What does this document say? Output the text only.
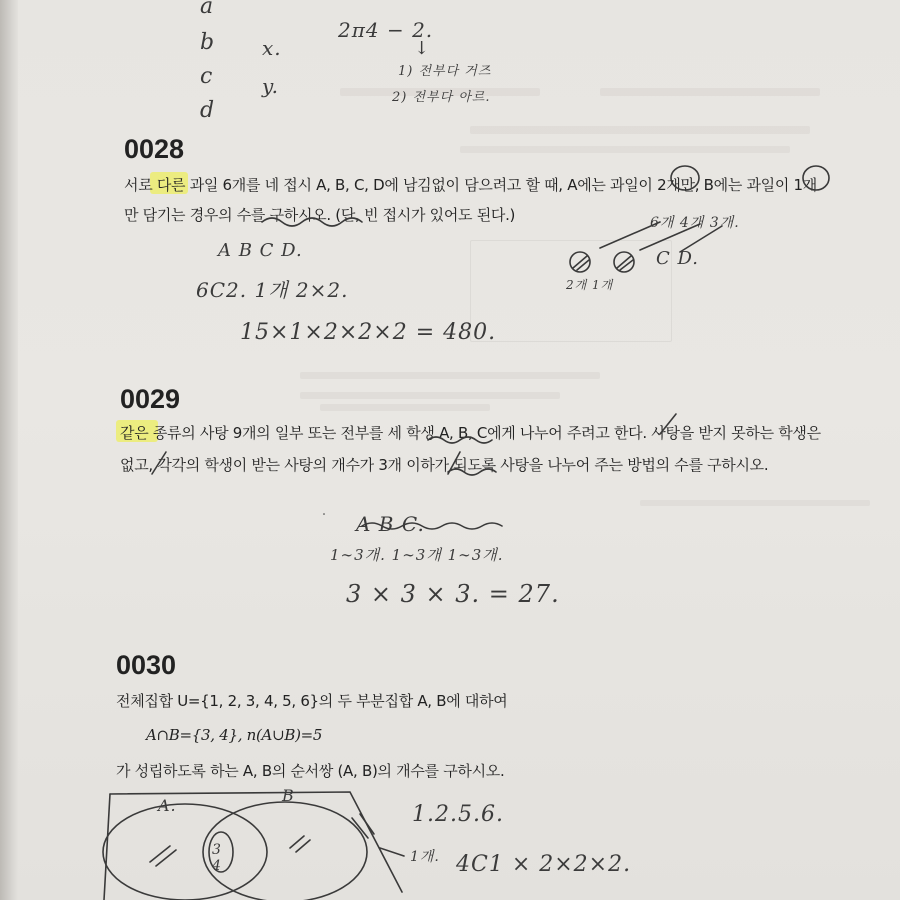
a
b
c
d
x.
y.
2π4 − 2.
↓
1) 전부다 거즈
2) 전부다 아르.
0028
서로 다른 과일 6개를 네 접시 A, B, C, D에 남김없이 담으려고 할 때, A에는 과일이 2개만, B에는 과일이 1개
만 담기는 경우의 수를 구하시오. (단, 빈 접시가 있어도 된다.)
A B C D.
6C2. 1개 2×2.
15×1×2×2×2 = 480.
C D.
2개 1개
6개 4개 3개.
0029
같은 종류의 사탕 9개의 일부 또는 전부를 세 학생 A, B, C에게 나누어 주려고 한다. 사탕을 받지 못하는 학생은
없고, 각각의 학생이 받는 사탕의 개수가 3개 이하가 되도록 사탕을 나누어 주는 방법의 수를 구하시오.
A B C.
1∼3개. 1∼3개 1∼3개.
3 × 3 × 3. = 27.
0030
전체집합 U={1, 2, 3, 4, 5, 6}의 두 부분집합 A, B에 대하여
A∩B={3, 4}, n(A∪B)=5
가 성립하도록 하는 A, B의 순서쌍 (A, B)의 개수를 구하시오.
A.
B
3 4
1.2.5.6.
1개. 4C1 × 2×2×2.
